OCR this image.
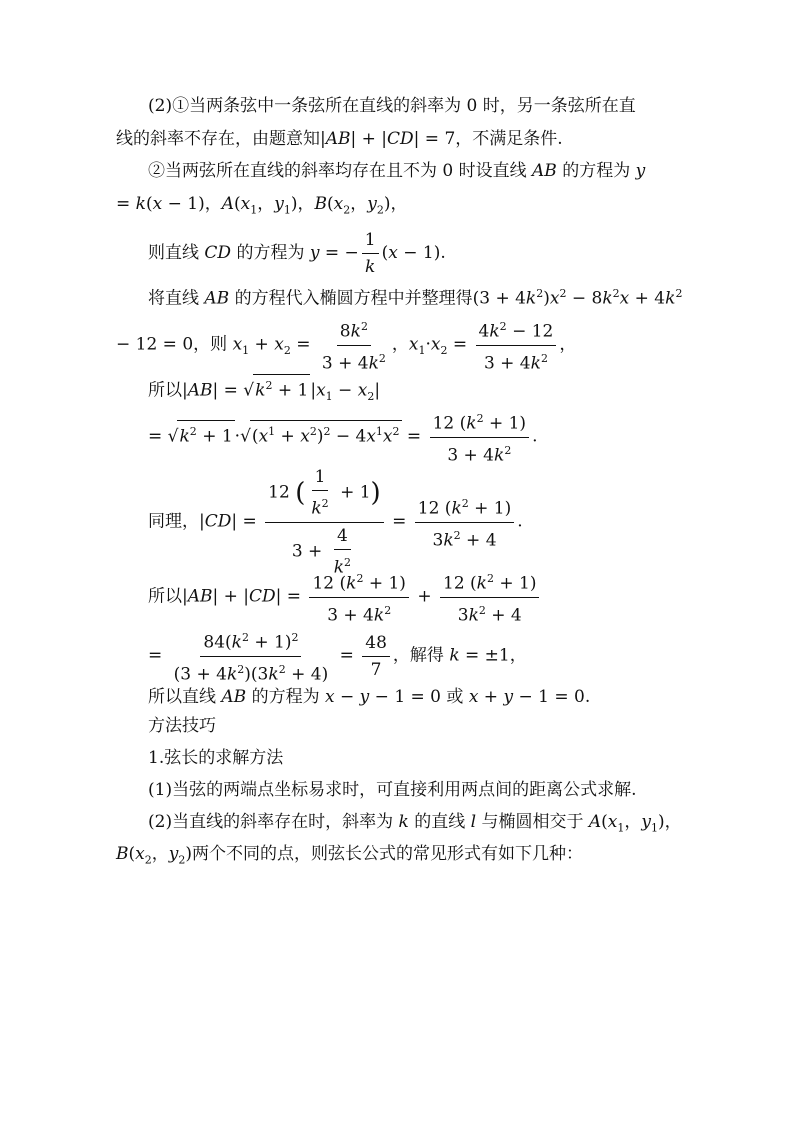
(2)①当两条弦中一条弦所在直线的斜率为 0 时，另一条弦所在直
线的斜率不存在，由题意知|AB| + |CD| = 7，不满足条件.
②当两弦所在直线的斜率均存在且不为 0 时设直线 AB 的方程为 y
= k(x − 1)，$A(x_1$，$y_1$)，$B(x_2$，$y_2$)，
则直线 CD 的方程为 y = − $\frac{1}{k} (x - 1)$.
将直线 AB 的方程代入椭圆方程中并整理得$(3 + 4k^2)x^2 - 8k^2x + 4k^2$
− 12 = 0，则 $x_1 + x_2 = \frac{8k^2}{3 + 4k^2}$ ，$x_1\cdot x_2 = \frac{4k^2 - 12}{3 + 4k^2}$ ，
所以$|AB| = √k^2 + 1$ $|x_1 - x_2|$
= $√k^2 + 1 \cdot√(x^1 + x^2)^2 - 4x^1x^2 = \frac{12 (k^2 + 1)}{3 + 4k^2}$ .
同理，$|CD| = \frac{12 ( \frac{1}{k^2} + 1)}{3 + \frac{4}{k^2}} = \frac{12 (k^2 + 1)}{3k^2 + 4}$ .
所以$|AB| + |CD| = \frac{12 (k^2 + 1)}{3 + 4k^2} + \frac{12 (k^2 + 1)}{3k^2 + 4}$
= $\frac{84(k^2 + 1)^2}{(3 + 4k^2)(3k^2 + 4)} = \frac{48}{7}$ ，解得 k = ±1，
所以直线 AB 的方程为 x − y − 1 = 0 或 x + y − 1 = 0.
方法技巧
1.弦长的求解方法
(1)当弦的两端点坐标易求时，可直接利用两点间的距离公式求解.
(2)当直线的斜率存在时，斜率为 k 的直线 l 与椭圆相交于 $A(x_1$，$y_1$)，
$B(x_2$，$y_2$)两个不同的点，则弦长公式的常见形式有如下几种：
